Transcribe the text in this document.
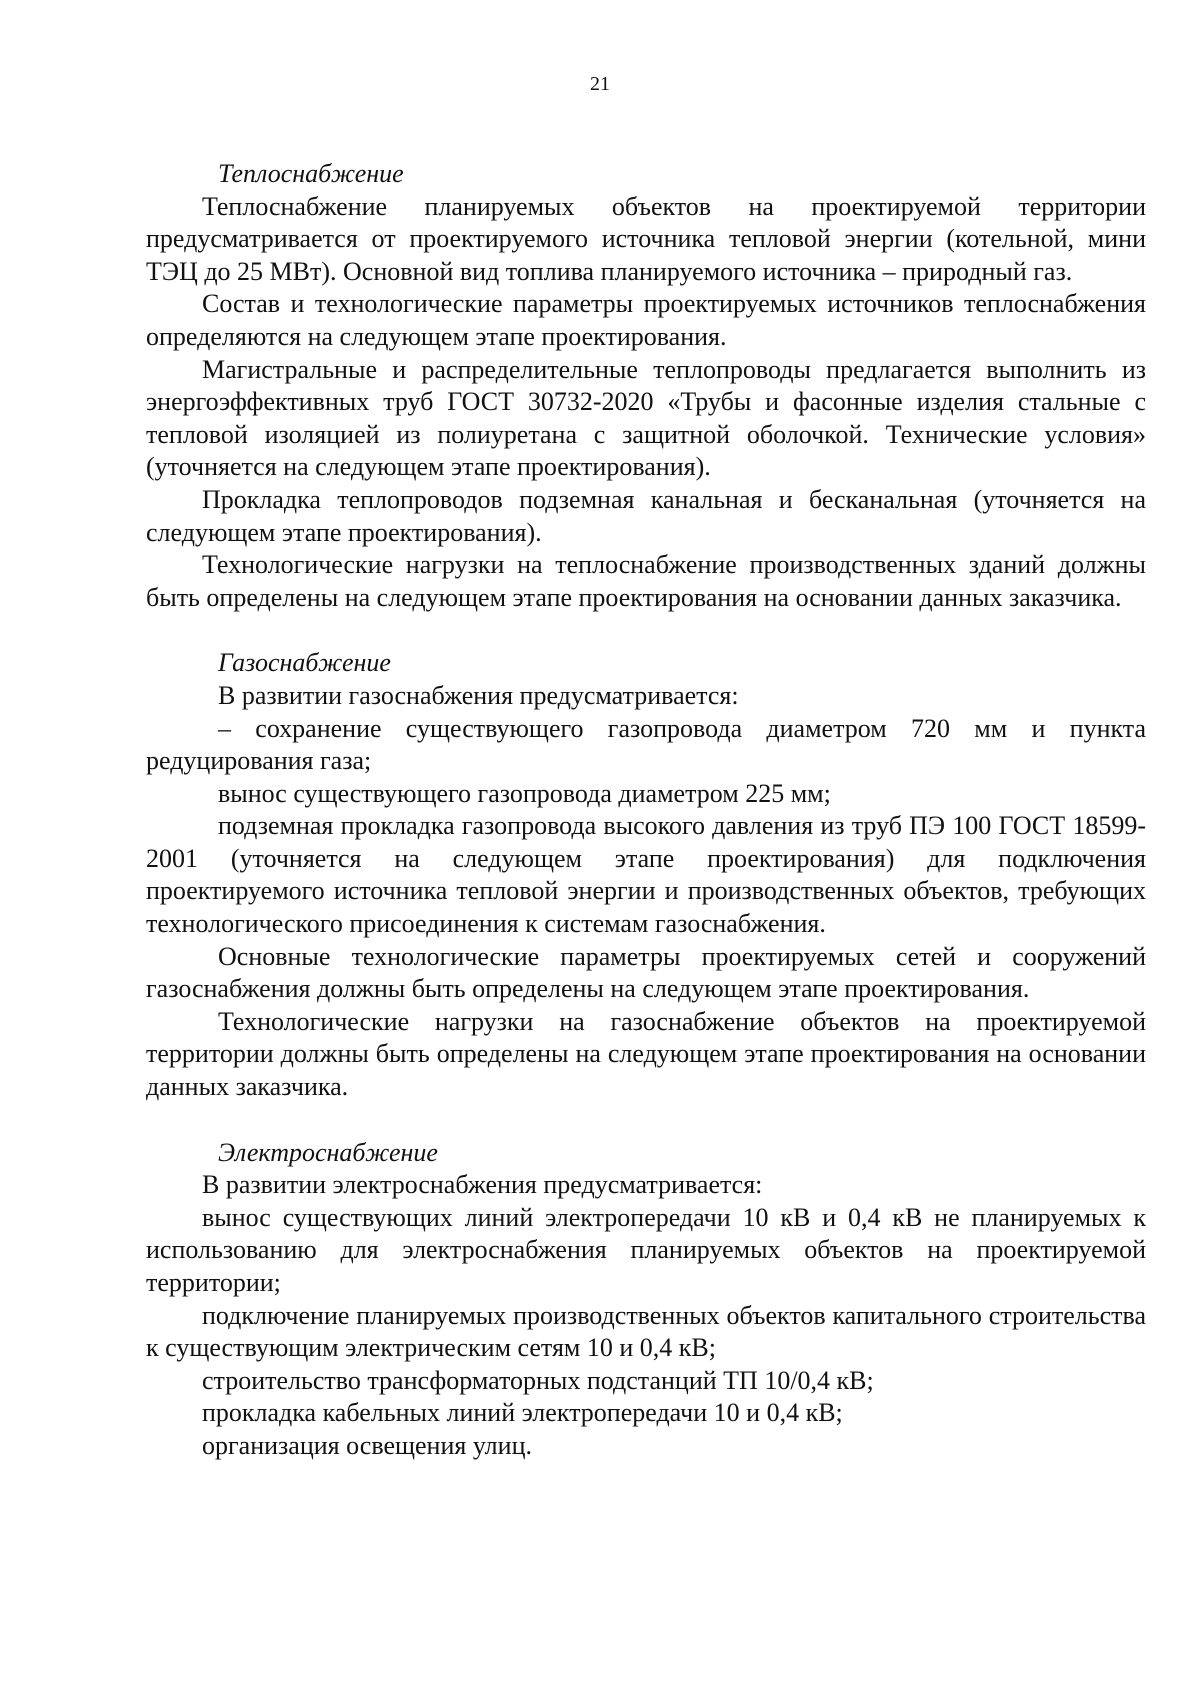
21

Теплоснабжение

Теплоснабжение планируемых объектов на проектируемой территории предусматривается от проектируемого источника тепловой энергии (котельной, мини ТЭЦ до 25 МВт). Основной вид топлива планируемого источника – природный газ.

Состав и технологические параметры проектируемых источников теплоснабжения определяются на следующем этапе проектирования.

Магистральные и распределительные теплопроводы предлагается выполнить из энергоэффективных труб ГОСТ 30732-2020 «Трубы и фасонные изделия стальные с тепловой изоляцией из полиуретана с защитной оболочкой. Технические условия» (уточняется на следующем этапе проектирования).

Прокладка теплопроводов подземная канальная и бесканальная (уточняется на следующем этапе проектирования).

Технологические нагрузки на теплоснабжение производственных зданий должны быть определены на следующем этапе проектирования на основании данных заказчика.

Газоснабжение

В развитии газоснабжения предусматривается:

– сохранение существующего газопровода диаметром 720 мм и пункта редуцирования газа;

вынос существующего газопровода диаметром 225 мм;

подземная прокладка газопровода высокого давления из труб ПЭ 100 ГОСТ 18599-2001 (уточняется на следующем этапе проектирования) для подключения проектируемого источника тепловой энергии и производственных объектов, требующих технологического присоединения к системам газоснабжения.

Основные технологические параметры проектируемых сетей и сооружений газоснабжения должны быть определены на следующем этапе проектирования.

Технологические нагрузки на газоснабжение объектов на проектируемой территории должны быть определены на следующем этапе проектирования на основании данных заказчика.

Электроснабжение

В развитии электроснабжения предусматривается:

вынос существующих линий электропередачи 10 кВ и 0,4 кВ не планируемых к использованию для электроснабжения планируемых объектов на проектируемой территории;

подключение планируемых производственных объектов капитального строительства к существующим электрическим сетям 10 и 0,4 кВ;

строительство трансформаторных подстанций ТП 10/0,4 кВ;

прокладка кабельных линий электропередачи 10 и 0,4 кВ;

организация освещения улиц.
